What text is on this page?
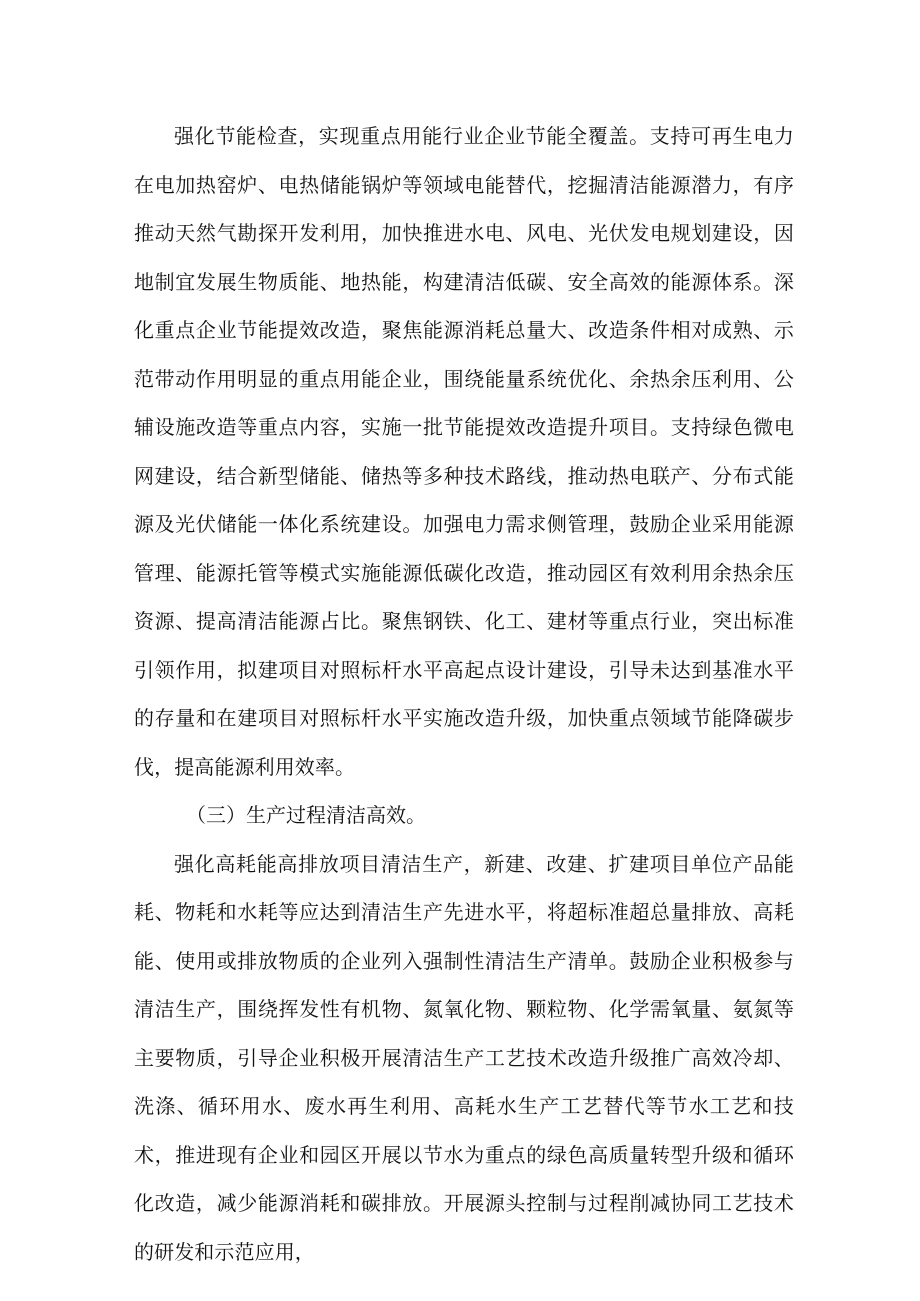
强化节能检查，实现重点用能行业企业节能全覆盖。支持可再生电力在电加热窑炉、电热储能锅炉等领域电能替代，挖掘清洁能源潜力，有序推动天然气勘探开发利用，加快推进水电、风电、光伏发电规划建设，因地制宜发展生物质能、地热能，构建清洁低碳、安全高效的能源体系。深化重点企业节能提效改造，聚焦能源消耗总量大、改造条件相对成熟、示范带动作用明显的重点用能企业，围绕能量系统优化、余热余压利用、公辅设施改造等重点内容，实施一批节能提效改造提升项目。支持绿色微电网建设，结合新型储能、储热等多种技术路线，推动热电联产、分布式能源及光伏储能一体化系统建设。加强电力需求侧管理，鼓励企业采用能源管理、能源托管等模式实施能源低碳化改造，推动园区有效利用余热余压资源、提高清洁能源占比。聚焦钢铁、化工、建材等重点行业，突出标准引领作用，拟建项目对照标杆水平高起点设计建设，引导未达到基准水平的存量和在建项目对照标杆水平实施改造升级，加快重点领域节能降碳步伐，提高能源利用效率。

（三）生产过程清洁高效。

强化高耗能高排放项目清洁生产，新建、改建、扩建项目单位产品能耗、物耗和水耗等应达到清洁生产先进水平，将超标准超总量排放、高耗能、使用或排放物质的企业列入强制性清洁生产清单。鼓励企业积极参与清洁生产，围绕挥发性有机物、氮氧化物、颗粒物、化学需氧量、氨氮等主要物质，引导企业积极开展清洁生产工艺技术改造升级推广高效冷却、洗涤、循环用水、废水再生利用、高耗水生产工艺替代等节水工艺和技术，推进现有企业和园区开展以节水为重点的绿色高质量转型升级和循环化改造，减少能源消耗和碳排放。开展源头控制与过程削减协同工艺技术的研发和示范应用，
